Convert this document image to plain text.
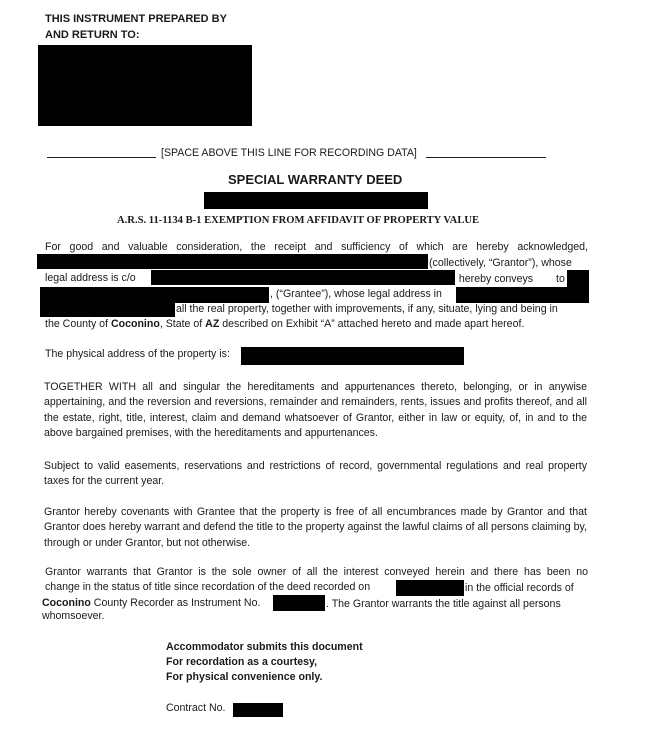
THIS INSTRUMENT PREPARED BY
AND RETURN TO:
[SPACE ABOVE THIS LINE FOR RECORDING DATA]
SPECIAL WARRANTY DEED
A.R.S. 11-1134 B-1 EXEMPTION FROM AFFIDAVIT OF PROPERTY VALUE
For good and valuable consideration, the receipt and sufficiency of which are hereby acknowledged,
(collectively, “Grantor”), whose
legal address is c/o	, hereby conveys to
, (“Grantee”), whose legal address in
all the real property, together with improvements, if any, situate, lying and being in
the County of Coconino, State of AZ described on Exhibit “A” attached hereto and made apart hereof.
The physical address of the property is:
TOGETHER WITH all and singular the hereditaments and appurtenances thereto, belonging, or in anywise appertaining, and the reversion and reversions, remainder and remainders, rents, issues and profits thereof, and all the estate, right, title, interest, claim and demand whatsoever of Grantor, either in law or equity, of, in and to the above bargained premises, with the hereditaments and appurtenances.
Subject to valid easements, reservations and restrictions of record, governmental regulations and real property taxes for the current year.
Grantor hereby covenants with Grantee that the property is free of all encumbrances made by Grantor and that Grantor does hereby warrant and defend the title to the property against the lawful claims of all persons claiming by, through or under Grantor, but not otherwise.
Grantor warrants that Grantor is the sole owner of all the interest conveyed herein and there has been no
change in the status of title since recordation of the deed recorded on	in the official records of
Coconino County Recorder as Instrument No.	. The Grantor warrants the title against all persons
whomsoever.
Accommodator submits this document
For recordation as a courtesy,
For physical convenience only.
Contract No.
